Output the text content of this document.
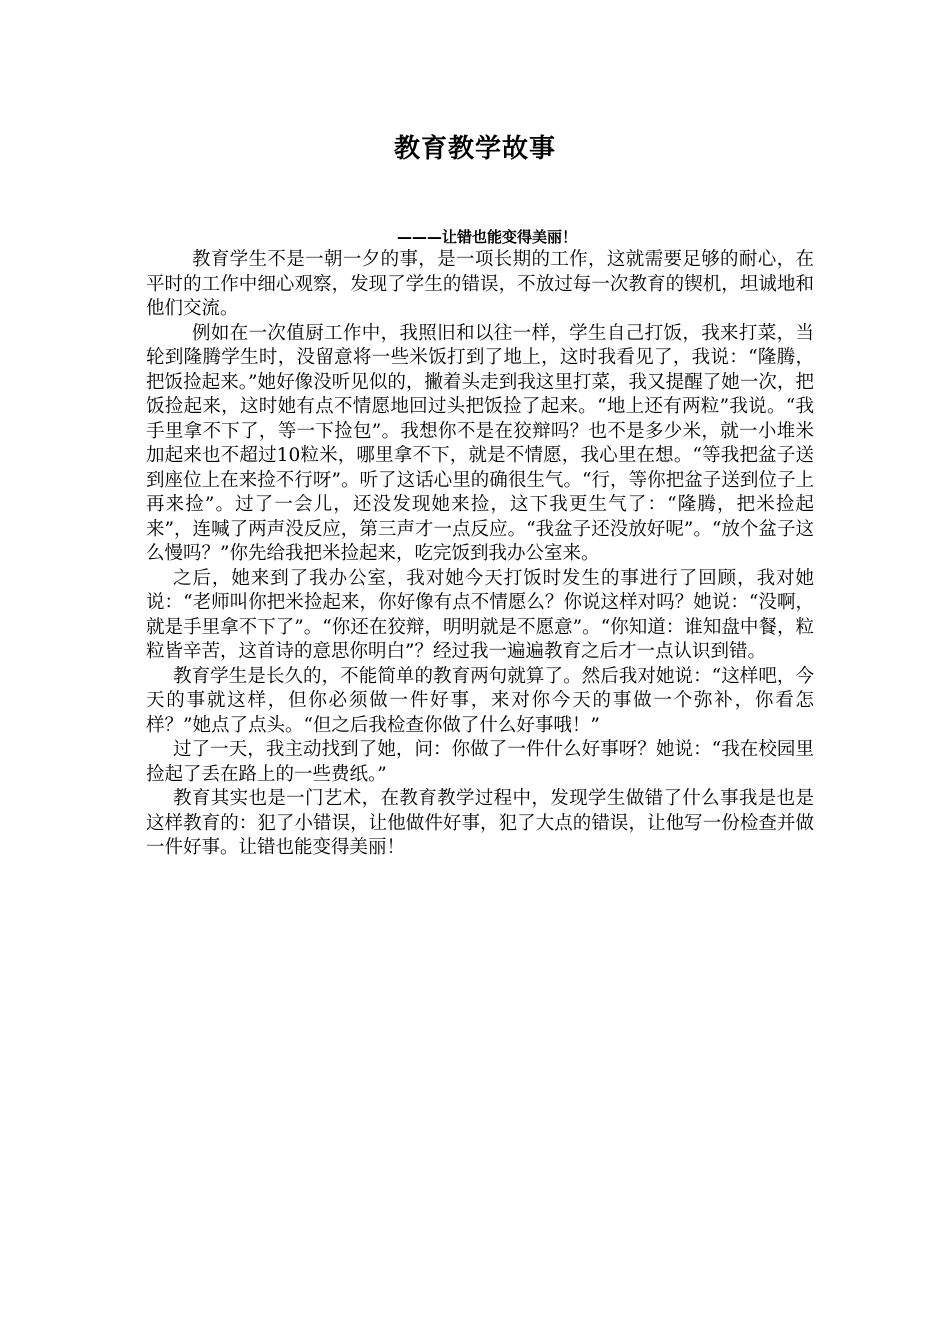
教育教学故事
———让错也能变得美丽！

教育学生不是一朝一夕的事，是一项长期的工作，这就需要足够的耐心，在平时的工作中细心观察，发现了学生的错误，不放过每一次教育的锲机，坦诚地和他们交流。

例如在一次值厨工作中，我照旧和以往一样，学生自己打饭，我来打菜，当轮到隆腾学生时，没留意将一些米饭打到了地上，这时我看见了，我说：“隆腾，把饭捡起来。”她好像没听见似的，撇着头走到我这里打菜，我又提醒了她一次，把饭捡起来，这时她有点不情愿地回过头把饭捡了起来。“地上还有两粒”我说。“我手里拿不下了，等一下捡包”。我想你不是在狡辩吗？也不是多少米，就一小堆米加起来也不超过10粒米，哪里拿不下，就是不情愿，我心里在想。“等我把盆子送到座位上在来捡不行呀”。听了这话心里的确很生气。“行，等你把盆子送到位子上再来捡”。过了一会儿，还没发现她来捡，这下我更生气了：“隆腾，把米捡起来”，连喊了两声没反应，第三声才一点反应。“我盆子还没放好呢”。“放个盆子这么慢吗？”你先给我把米捡起来，吃完饭到我办公室来。

之后，她来到了我办公室，我对她今天打饭时发生的事进行了回顾，我对她说：“老师叫你把米捡起来，你好像有点不情愿么？你说这样对吗？她说：“没啊，就是手里拿不下了”。“你还在狡辩，明明就是不愿意”。“你知道：谁知盘中餐，粒粒皆辛苦，这首诗的意思你明白”？经过我一遍遍教育之后才一点认识到错。

教育学生是长久的，不能简单的教育两句就算了。然后我对她说：“这样吧，今天的事就这样，但你必须做一件好事，来对你今天的事做一个弥补，你看怎样？”她点了点头。“但之后我检查你做了什么好事哦！”

过了一天，我主动找到了她，问：你做了一件什么好事呀？她说：“我在校园里捡起了丢在路上的一些费纸。”

教育其实也是一门艺术，在教育教学过程中，发现学生做错了什么事我是也是这样教育的：犯了小错误，让他做件好事，犯了大点的错误，让他写一份检查并做一件好事。让错也能变得美丽！
